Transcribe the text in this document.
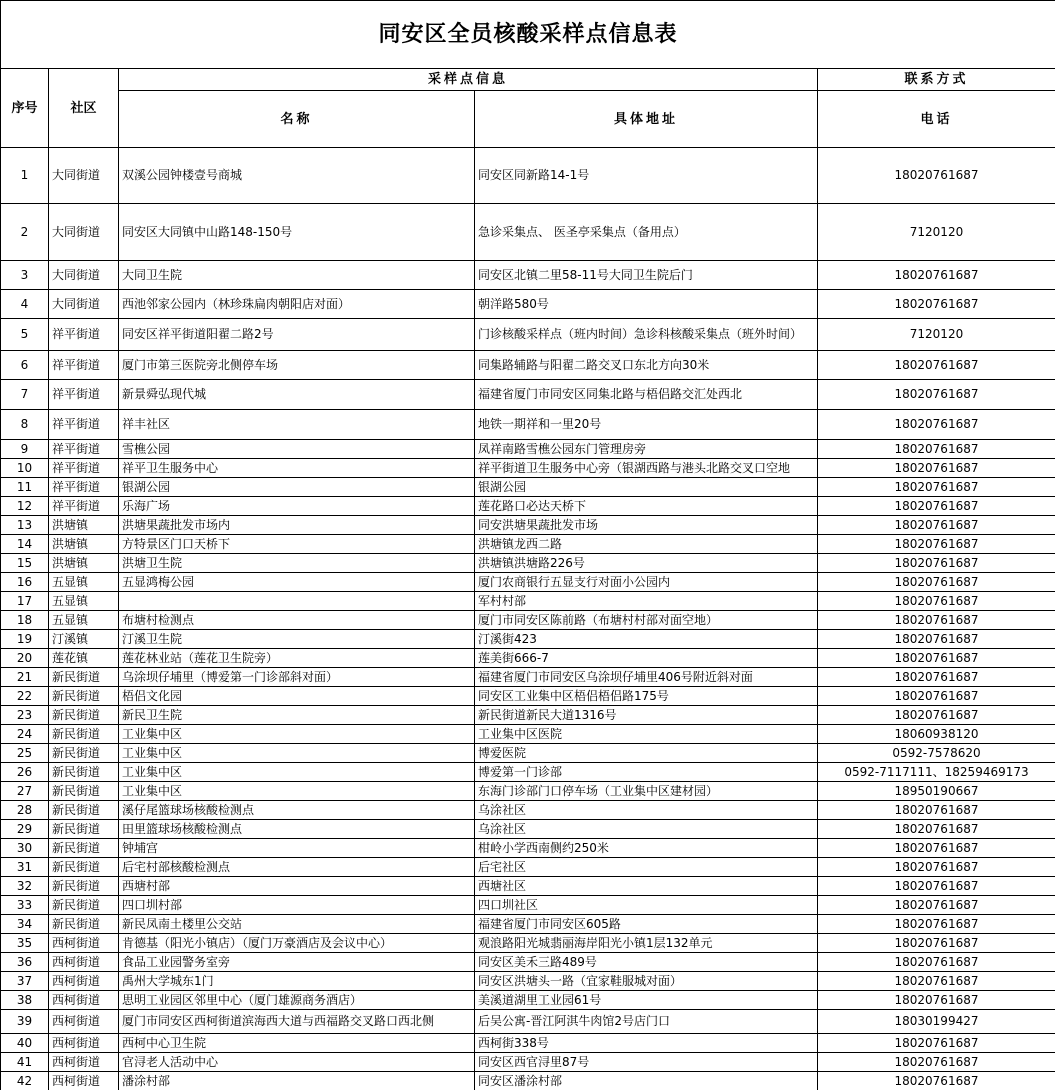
同安区全员核酸采样点信息表				
序号	社区	采样点信息		联系方式
		名称	具体地址	电话
1	大同街道	双溪公园钟楼壹号商城	同安区同新路14-1号	18020761687
2	大同街道	同安区大同镇中山路148-150号	急诊采集点、 医圣亭采集点（备用点）	7120120
3	大同街道	大同卫生院	同安区北镇二里58-11号大同卫生院后门	18020761687
4	大同街道	西池邻家公园内（林珍珠扁肉朝阳店对面）	朝洋路580号	18020761687
5	祥平街道	同安区祥平街道阳翟二路2号	门诊核酸采样点（班内时间）急诊科核酸采集点（班外时间）	7120120
6	祥平街道	厦门市第三医院旁北侧停车场	同集路辅路与阳翟二路交叉口东北方向30米	18020761687
7	祥平街道	新景舜弘现代城	福建省厦门市同安区同集北路与梧侣路交汇处西北	18020761687
8	祥平街道	祥丰社区	地铁一期祥和一里20号	18020761687
9	祥平街道	雪樵公园	凤祥南路雪樵公园东门管理房旁	18020761687
10	祥平街道	祥平卫生服务中心	祥平街道卫生服务中心旁（银湖西路与港头北路交叉口空地	18020761687
11	祥平街道	银湖公园	银湖公园	18020761687
12	祥平街道	乐海广场	莲花路口必达天桥下	18020761687
13	洪塘镇	洪塘果蔬批发市场内	同安洪塘果蔬批发市场	18020761687
14	洪塘镇	方特景区门口天桥下	洪塘镇龙西二路	18020761687
15	洪塘镇	洪塘卫生院	洪塘镇洪塘路226号	18020761687
16	五显镇	五显鸿梅公园	厦门农商银行五显支行对面小公园内	18020761687
17	五显镇		军村村部	18020761687
18	五显镇	布塘村检测点	厦门市同安区陈前路（布塘村村部对面空地）	18020761687
19	汀溪镇	汀溪卫生院	汀溪街423	18020761687
20	莲花镇	莲花林业站（莲花卫生院旁）	莲美街666-7	18020761687
21	新民街道	乌涂坝仔埔里（博爱第一门诊部斜对面）	福建省厦门市同安区乌涂坝仔埔里406号附近斜对面	18020761687
22	新民街道	梧侣文化园	同安区工业集中区梧侣梧侣路175号	18020761687
23	新民街道	新民卫生院	新民街道新民大道1316号	18020761687
24	新民街道	工业集中区	工业集中区医院	18060938120
25	新民街道	工业集中区	博爱医院	0592-7578620
26	新民街道	工业集中区	博爱第一门诊部	0592-7117111、18259469173
27	新民街道	工业集中区	东海门诊部门口停车场（工业集中区建材园）	18950190667
28	新民街道	溪仔尾篮球场核酸检测点	乌涂社区	18020761687
29	新民街道	田里篮球场核酸检测点	乌涂社区	18020761687
30	新民街道	钟埔宫	柑岭小学西南侧约250米	18020761687
31	新民街道	后宅村部核酸检测点	后宅社区	18020761687
32	新民街道	西塘村部	西塘社区	18020761687
33	新民街道	四口圳村部	四口圳社区	18020761687
34	新民街道	新民凤南土楼里公交站	福建省厦门市同安区605路	18020761687
35	西柯街道	肯德基（阳光小镇店）（厦门万豪酒店及会议中心）	观浪路阳光城翡丽海岸阳光小镇1层132单元	18020761687
36	西柯街道	食品工业园警务室旁	同安区美禾三路489号	18020761687
37	西柯街道	禹州大学城东1门	同安区洪塘头一路（宜家鞋服城对面）	18020761687
38	西柯街道	思明工业园区邻里中心（厦门雄源商务酒店）	美溪道湖里工业园61号	18020761687
39	西柯街道	厦门市同安区西柯街道滨海西大道与西福路交叉路口西北侧	后吴公寓-晋江阿淇牛肉馆2号店门口	18030199427
40	西柯街道	西柯中心卫生院	西柯街338号	18020761687
41	西柯街道	官浔老人活动中心	同安区西官浔里87号	18020761687
42	西柯街道	潘涂村部	同安区潘涂村部	18020761687
